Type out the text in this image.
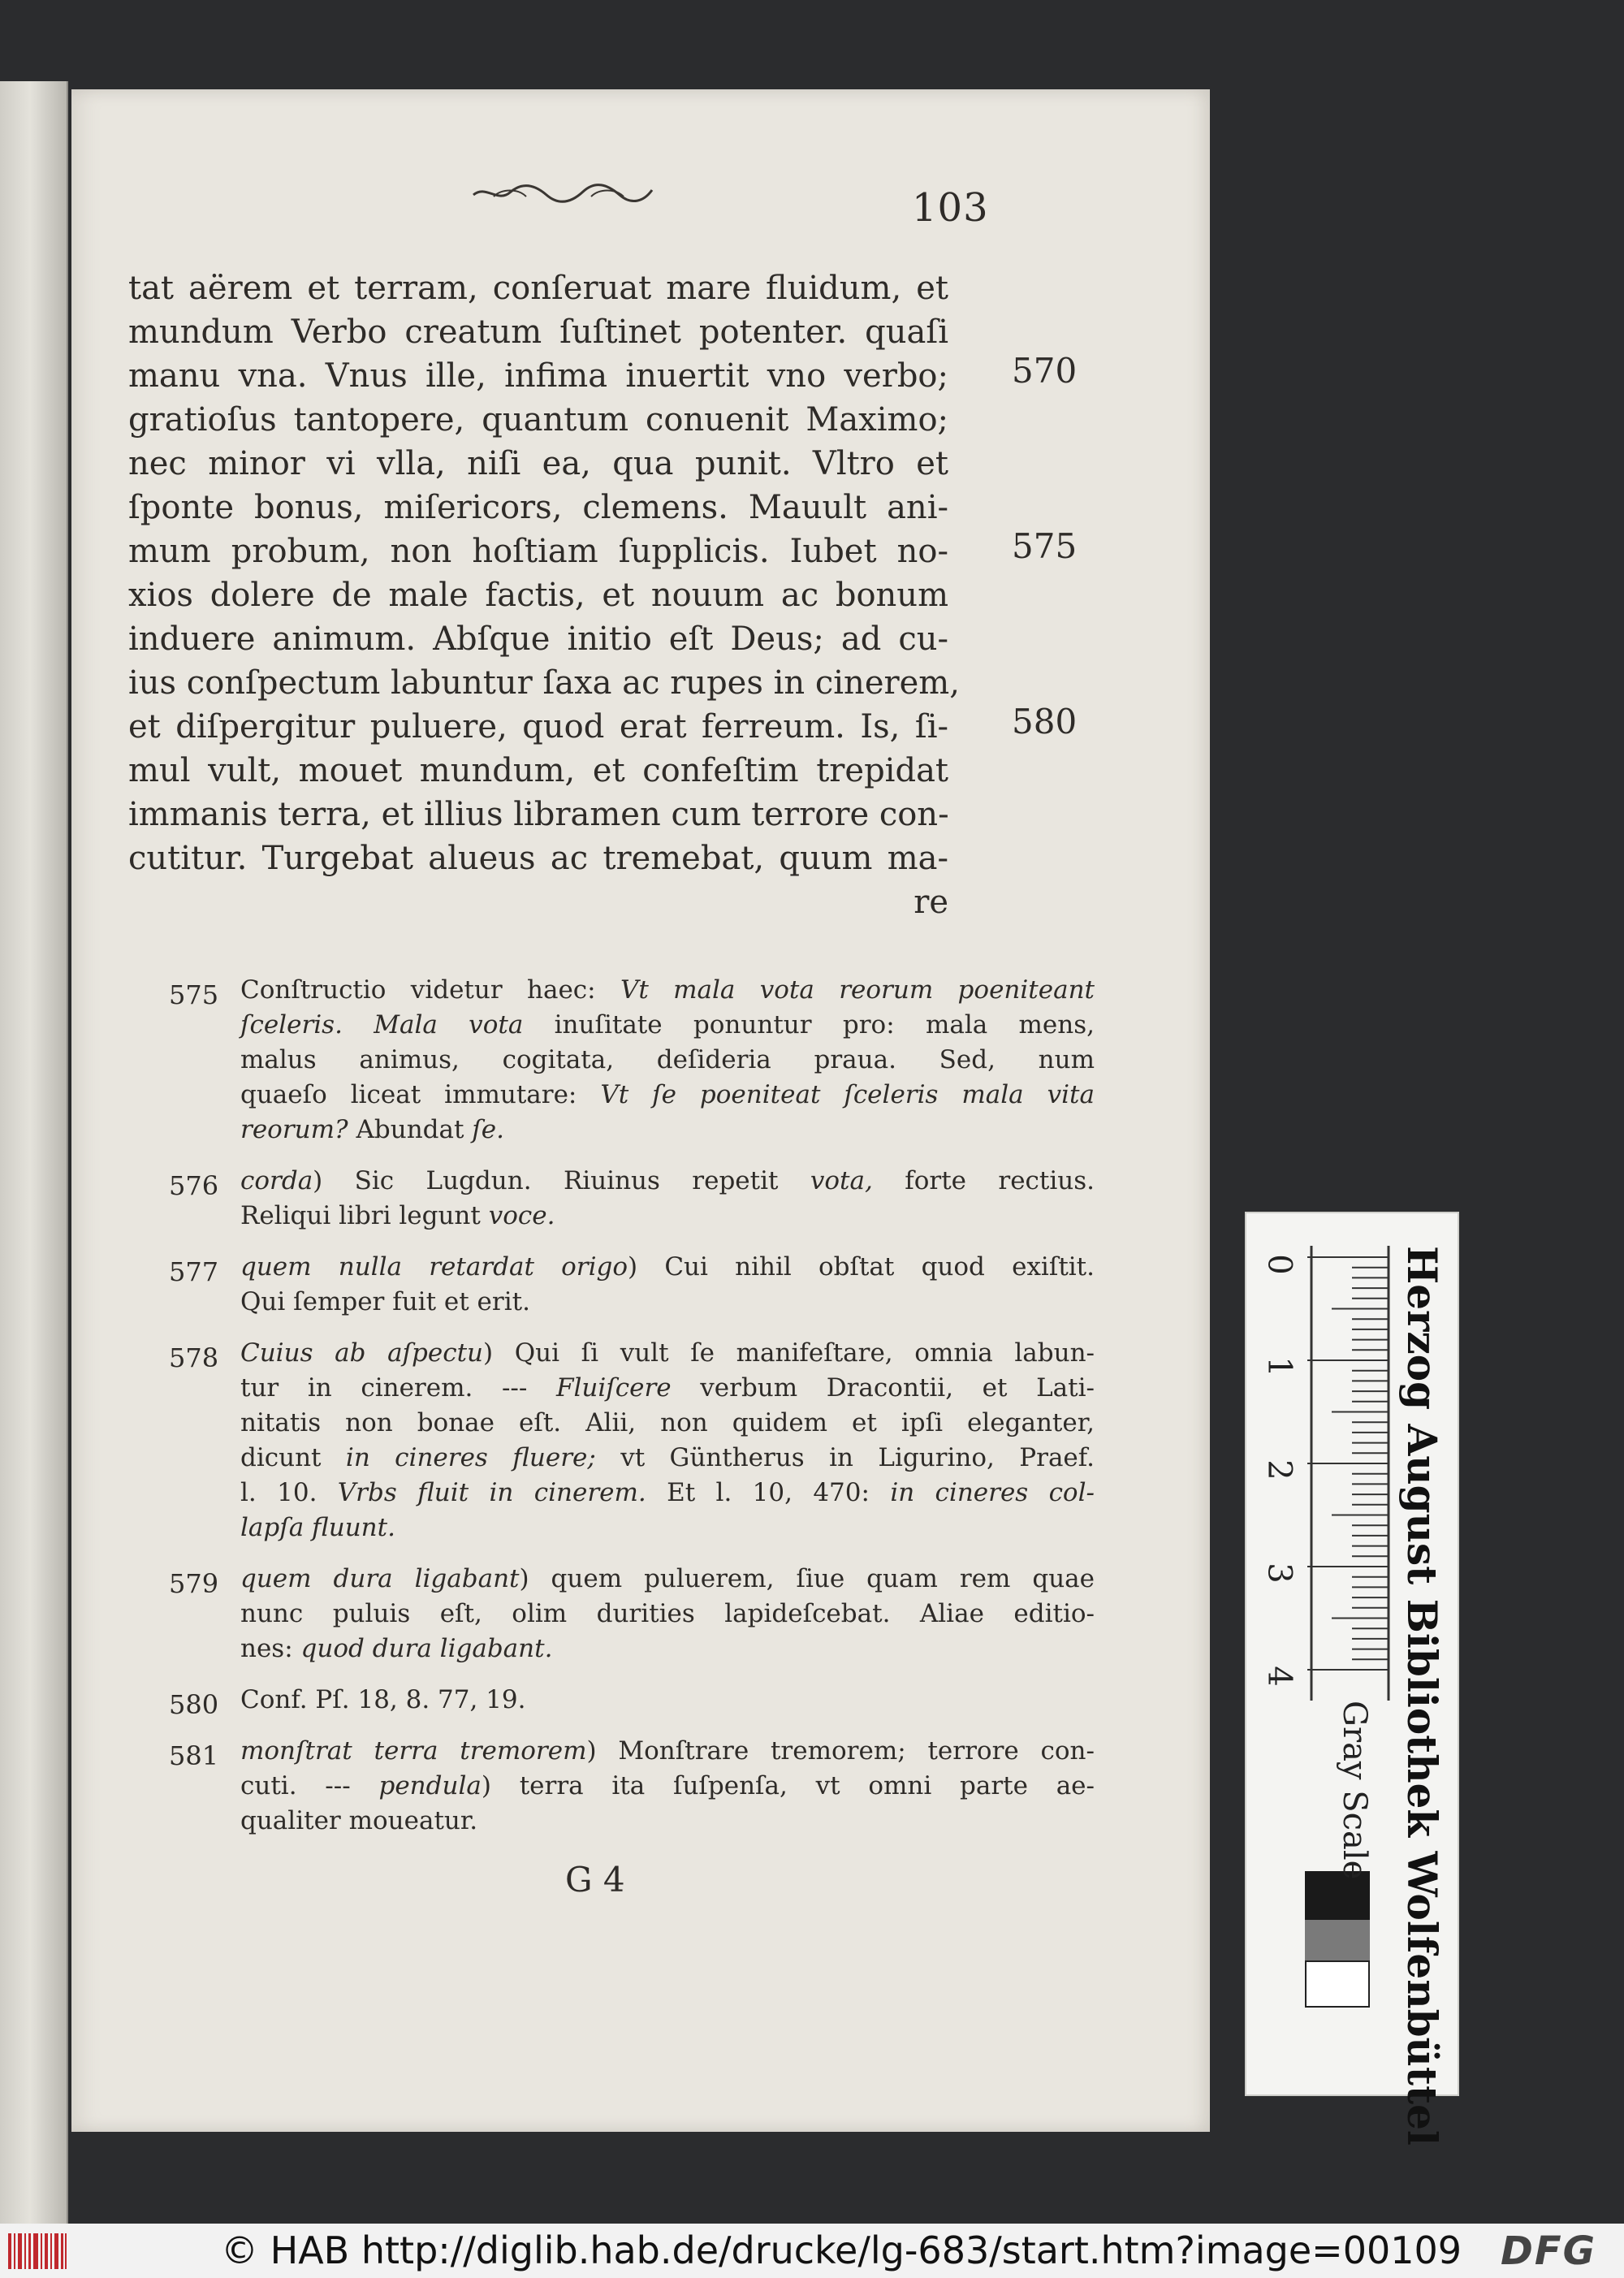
103
tat aërem et terram, conſeruat mare fluidum, et
mundum Verbo creatum ſuſtinet potenter. quaſi
manu vna. Vnus ille, infima inuertit vno verbo;
gratioſus tantopere, quantum conuenit Maximo;
nec minor vi vlla, niſi ea, qua punit. Vltro et
ſponte bonus, miſericors, clemens. Mauult ani-
mum probum, non hoſtiam ſupplicis. Iubet no-
xios dolere de male factis, et nouum ac bonum
induere animum. Abſque initio eſt Deus; ad cu-
ius conſpectum labuntur ſaxa ac rupes in cinerem,
et diſpergitur puluere, quod erat ferreum. Is, ſi-
mul vult, mouet mundum, et confeſtim trepidat
immanis terra, et illius libramen cum terrore con-
cutitur. Turgebat alueus ac tremebat, quum ma-
re
570
575
580
575 Conſtructio videtur haec: Vt mala vota reorum poeniteant
ſceleris. Mala vota inuſitate ponuntur pro: mala mens,
malus animus, cogitata, deſideria praua. Sed, num
quaeſo liceat immutare: Vt ſe poeniteat ſceleris mala vita
reorum? Abundat ſe.
576 corda) Sic Lugdun. Riuinus repetit vota, forte rectius.
Reliqui libri legunt voce.
577 quem nulla retardat origo) Cui nihil obſtat quod exiſtit.
Qui ſemper fuit et erit.
578 Cuius ab aſpectu) Qui ſi vult ſe manifeſtare, omnia labun-
tur in cinerem. --- Fluiſcere verbum Dracontii, et Lati-
nitatis non bonae eſt. Alii, non quidem et ipſi eleganter,
dicunt in cineres fluere; vt Güntherus in Ligurino, Praef.
l. 10. Vrbs fluit in cinerem. Et l. 10, 470: in cineres col-
lapſa fluunt.
579 quem dura ligabant) quem puluerem, ſiue quam rem quae
nunc puluis eſt, olim durities lapideſcebat. Aliae editio-
nes: quod dura ligabant.
580 Conf. Pſ. 18, 8. 77, 19.
581 monſtrat terra tremorem) Monſtrare tremorem; terrore con-
cuti. --- pendula) terra ita ſuſpenſa, vt omni parte ae-
qualiter moueatur.
G 4
0
1
2
3
4
Gray Scale Herzog August Bibliothek Wolfenbüttel
© HAB http://diglib.hab.de/drucke/lg-683/start.htm?image=00109 DFG
